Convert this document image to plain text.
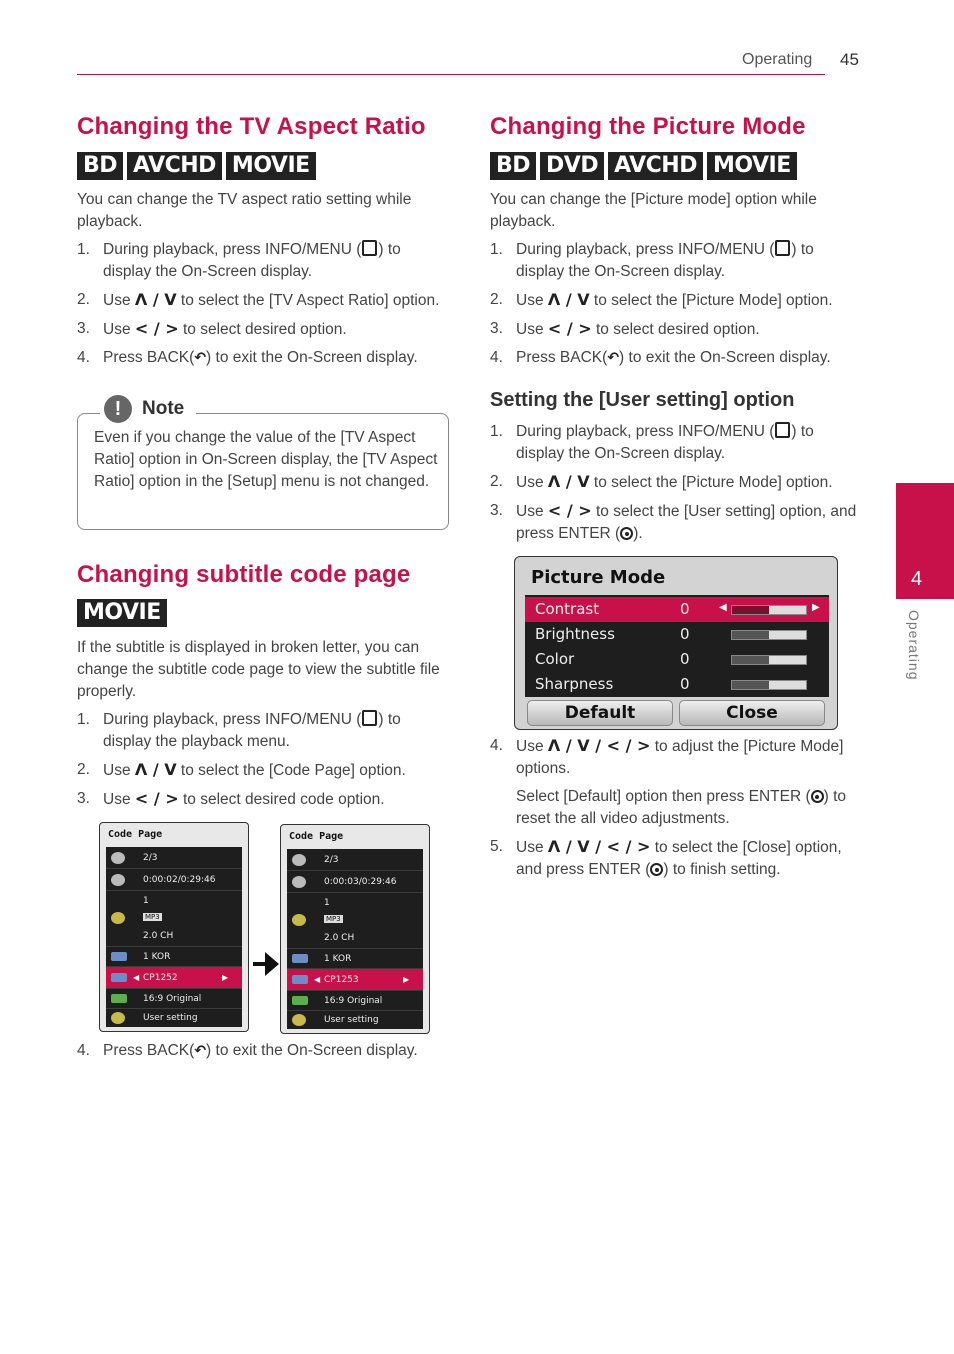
Operating 45
4
Operating
Changing the TV Aspect Ratio
BD AVCHD MOVIE
You can change the TV aspect ratio setting while playback.
1. During playback, press INFO/MENU ( ) to display the On-Screen display.
2. Use Λ / V to select the [TV Aspect Ratio] option.
3. Use < / > to select desired option.
4. Press BACK(↶) to exit the On-Screen display.
!	Note
Even if you change the value of the [TV Aspect Ratio] option in On-Screen display, the [TV Aspect Ratio] option in the [Setup] menu is not changed.
Changing subtitle code page
MOVIE
If the subtitle is displayed in broken letter, you can change the subtitle code page to view the subtitle file properly.
1. During playback, press INFO/MENU ( ) to display the playback menu.
2. Use Λ / V to select the [Code Page] option.
3. Use < / > to select desired code option.
Code Page
2/3
0:00:02/0:29:46
1
MP3
2.0 CH
1 KOR
◀ CP1252	▶
16:9 Original
User setting
Code Page
2/3
0:00:03/0:29:46
1
MP3
2.0 CH
1 KOR
◀ CP1253	▶
16:9 Original
User setting
4. Press BACK(↶) to exit the On-Screen display.
Changing the Picture Mode
BD DVD AVCHD MOVIE
You can change the [Picture mode] option while playback.
1. During playback, press INFO/MENU ( ) to display the On-Screen display.
2. Use Λ / V to select the [Picture Mode] option.
3. Use < / > to select desired option.
4. Press BACK(↶) to exit the On-Screen display.
Setting the [User setting] option
1. During playback, press INFO/MENU ( ) to display the On-Screen display.
2. Use Λ / V to select the [Picture Mode] option.
3. Use < / > to select the [User setting] option, and press ENTER ( ).
Picture Mode
Contrast	0	◀	▶
Brightness	0
Color	0
Sharpness	0
Default	Close
4. Use Λ / V / < / > to adjust the [Picture Mode] options.
Select [Default] option then press ENTER ( ) to reset the all video adjustments.
5. Use Λ / V / < / > to select the [Close] option, and press ENTER ( ) to finish setting.
